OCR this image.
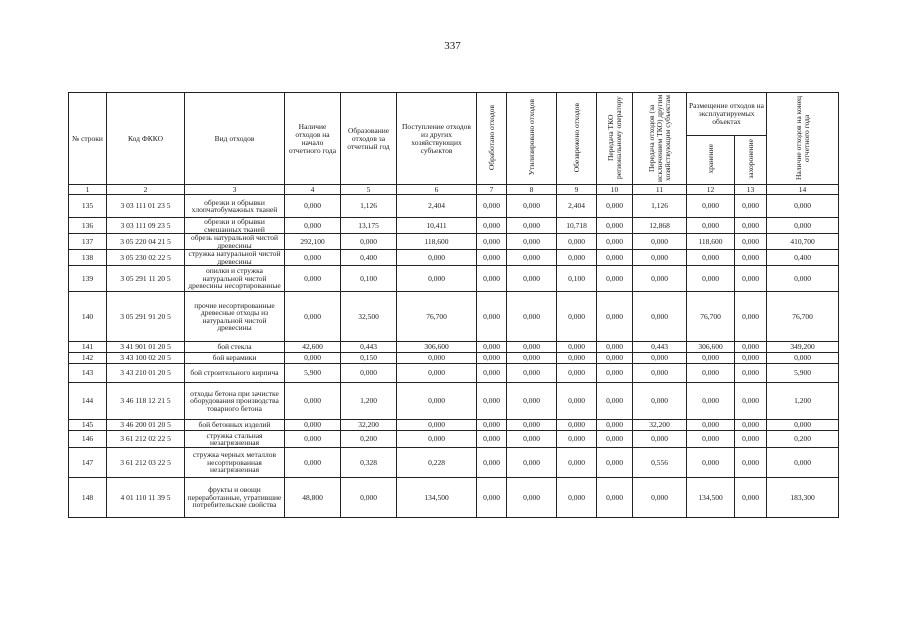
337
№ строки	Код ФККО	Вид отходов	Наличие отходов на начало отчетного года	Образование отходов за отчетный год	Поступление отходов из других хозяйствующих субъектов	Обработано отходов	Утилизировано отходов	Обезврежено отходов	Передача ТКО региональному оператору	Передача отходов (за исключением ТКО) другим хозяйствующим субъектам	Размещение отходов на эксплуатируемых объектах		Наличие отходов на конец отчетного года
											хранение	захоронение	
1	2	3	4	5	6	7	8	9	10	11	12	13	14
135	3 03 111 01 23 5	обрезки и обрывки хлопчатобумажных тканей	0,000	1,126	2,404	0,000	0,000	2,404	0,000	1,126	0,000	0,000	0,000
136	3 03 111 09 23 5	обрезки и обрывки смешанных тканей	0,000	13,175	10,411	0,000	0,000	10,718	0,000	12,868	0,000	0,000	0,000
137	3 05 220 04 21 5	обрезь натуральной чистой древесины	292,100	0,000	118,600	0,000	0,000	0,000	0,000	0,000	118,600	0,000	410,700
138	3 05 230 02 22 5	стружка натуральной чистой древесины	0,000	0,400	0,000	0,000	0,000	0,000	0,000	0,000	0,000	0,000	0,400
139	3 05 291 11 20 5	опилки и стружка натуральной чистой древесины несортированные	0,000	0,100	0,000	0,000	0,000	0,100	0,000	0,000	0,000	0,000	0,000
140	3 05 291 91 20 5	прочие несортированные древесные отходы из натуральной чистой древесины	0,000	32,500	76,700	0,000	0,000	0,000	0,000	0,000	76,700	0,000	76,700
141	3 41 901 01 20 5	бой стекла	42,600	0,443	306,600	0,000	0,000	0,000	0,000	0,443	306,600	0,000	349,200
142	3 43 100 02 20 5	бой керамики	0,000	0,150	0,000	0,000	0,000	0,000	0,000	0,000	0,000	0,000	0,000
143	3 43 210 01 20 5	бой строительного кирпича	5,900	0,000	0,000	0,000	0,000	0,000	0,000	0,000	0,000	0,000	5,900
144	3 46 118 12 21 5	отходы бетона при зачистке оборудования производства товарного бетона	0,000	1,200	0,000	0,000	0,000	0,000	0,000	0,000	0,000	0,000	1,200
145	3 46 200 01 20 5	бой бетонных изделий	0,000	32,200	0,000	0,000	0,000	0,000	0,000	32,200	0,000	0,000	0,000
146	3 61 212 02 22 5	стружка стальная незагрязненная	0,000	0,200	0,000	0,000	0,000	0,000	0,000	0,000	0,000	0,000	0,200
147	3 61 212 03 22 5	стружка черных металлов несортированная незагрязненная	0,000	0,328	0,228	0,000	0,000	0,000	0,000	0,556	0,000	0,000	0,000
148	4 01 110 11 39 5	фрукты и овощи переработанные, утратившие потребительские свойства	48,800	0,000	134,500	0,000	0,000	0,000	0,000	0,000	134,500	0,000	183,300
